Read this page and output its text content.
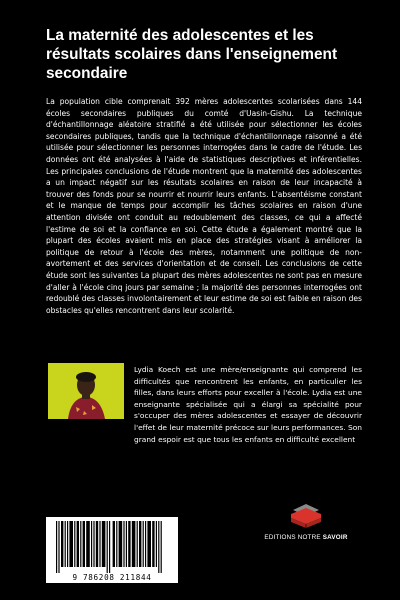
La maternité des adolescentes et les résultats scolaires dans l'enseignement secondaire
La population cible comprenait 392 mères adolescentes scolarisées dans 144 écoles secondaires publiques du comté d'Uasin-Gishu. La technique d'échantillonnage aléatoire stratifié a été utilisée pour sélectionner les écoles secondaires publiques, tandis que la technique d'échantillonnage raisonné a été utilisée pour sélectionner les personnes interrogées dans le cadre de l'étude. Les données ont été analysées à l'aide de statistiques descriptives et inférentielles. Les principales conclusions de l'étude montrent que la maternité des adolescentes a un impact négatif sur les résultats scolaires en raison de leur incapacité à trouver des fonds pour se nourrir et nourrir leurs enfants. L'absentéisme constant et le manque de temps pour accomplir les tâches scolaires en raison d'une attention divisée ont conduit au redoublement des classes, ce qui a affecté l'estime de soi et la confiance en soi. Cette étude a également montré que la plupart des écoles avaient mis en place des stratégies visant à améliorer la politique de retour à l'école des mères, notamment une politique de non-avortement et des services d'orientation et de conseil. Les conclusions de cette étude sont les suivantes La plupart des mères adolescentes ne sont pas en mesure d'aller à l'école cinq jours par semaine ; la majorité des personnes interrogées ont redoublé des classes involontairement et leur estime de soi est faible en raison des obstacles qu'elles rencontrent dans leur scolarité.
Lydia Koech est une mère/enseignante qui comprend les difficultés que rencontrent les enfants, en particulier les filles, dans leurs efforts pour exceller à l'école. Lydia est une enseignante spécialisée qui a élargi sa spécialité pour s'occuper des mères adolescentes et essayer de découvrir l'effet de leur maternité précoce sur leurs performances. Son grand espoir est que tous les enfants en difficulté excellent
EDITIONS NOTRE SAVOIR
9 786208 211844
